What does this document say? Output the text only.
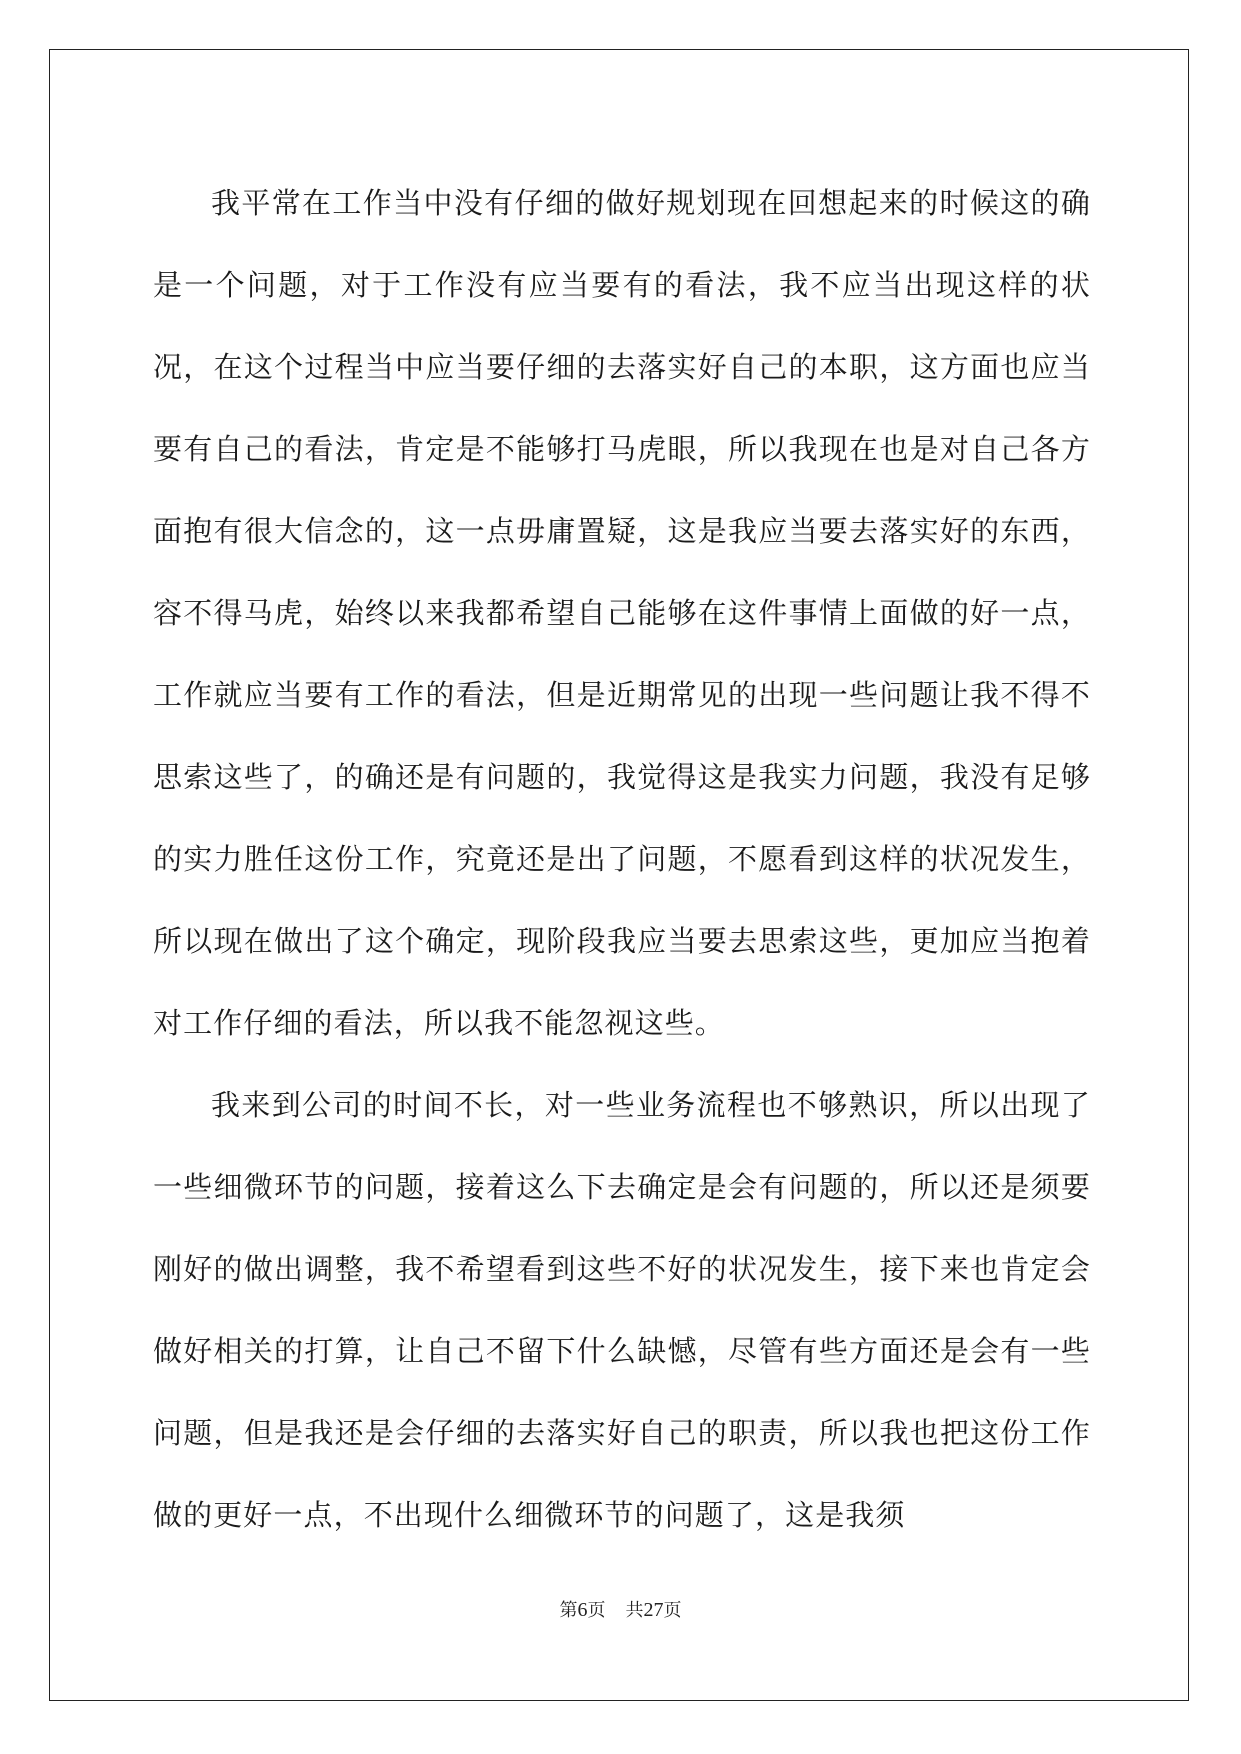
我平常在工作当中没有仔细的做好规划现在回想起来的时候这的确是一个问题，对于工作没有应当要有的看法，我不应当出现这样的状况，在这个过程当中应当要仔细的去落实好自己的本职，这方面也应当要有自己的看法，肯定是不能够打马虎眼，所以我现在也是对自己各方面抱有很大信念的，这一点毋庸置疑，这是我应当要去落实好的东西，容不得马虎，始终以来我都希望自己能够在这件事情上面做的好一点，工作就应当要有工作的看法，但是近期常见的出现一些问题让我不得不思索这些了，的确还是有问题的，我觉得这是我实力问题，我没有足够的实力胜任这份工作，究竟还是出了问题，不愿看到这样的状况发生，所以现在做出了这个确定，现阶段我应当要去思索这些，更加应当抱着对工作仔细的看法，所以我不能忽视这些。

我来到公司的时间不长，对一些业务流程也不够熟识，所以出现了一些细微环节的问题，接着这么下去确定是会有问题的，所以还是须要刚好的做出调整，我不希望看到这些不好的状况发生，接下来也肯定会做好相关的打算，让自己不留下什么缺憾，尽管有些方面还是会有一些问题，但是我还是会仔细的去落实好自己的职责，所以我也把这份工作做的更好一点，不出现什么细微环节的问题了，这是我须

第6页 共27页
